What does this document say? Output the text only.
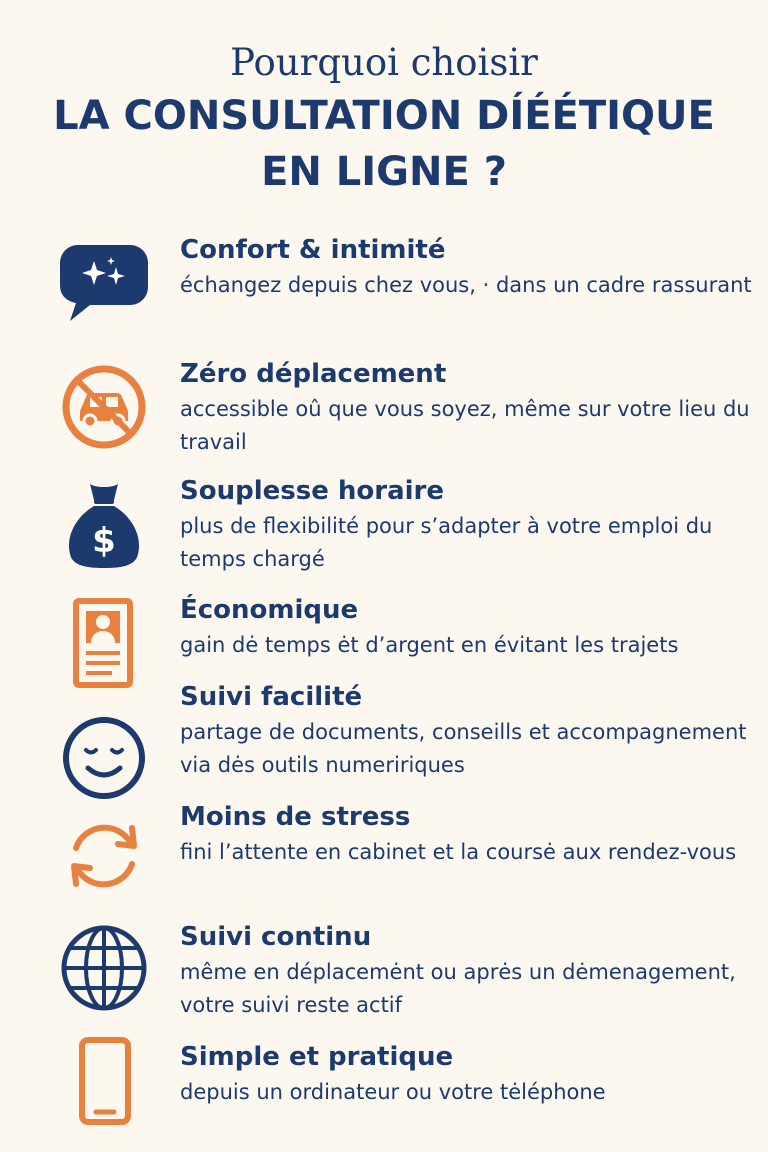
Pourquoi choisir
LA CONSULTATION DÍÉÉTIQUE
EN LIGNE ?
Confort & intimité
échangez depuis chez vous, · dans un cadre rassurant
Zéro déplacement
accessible oû que vous soyez, même sur votre lieu du travail
$
Souplesse horaire
plus de flexibilité pour s’adapter à votre emploi du temps chargé
Économique
gain dė temps ėt d’argent en évitant les trajets
Suivi facilité
partage de documents, conseills et accompagnement via dės outils numeririques
Moins de stress
fini l’attente en cabinet et la coursė aux rendez-vous
Suivi continu
même en déplacemėnt ou aprės un dėmenagement, votre suivi reste actif
Simple et pratique
depuis un ordinateur ou votre tėléphone
